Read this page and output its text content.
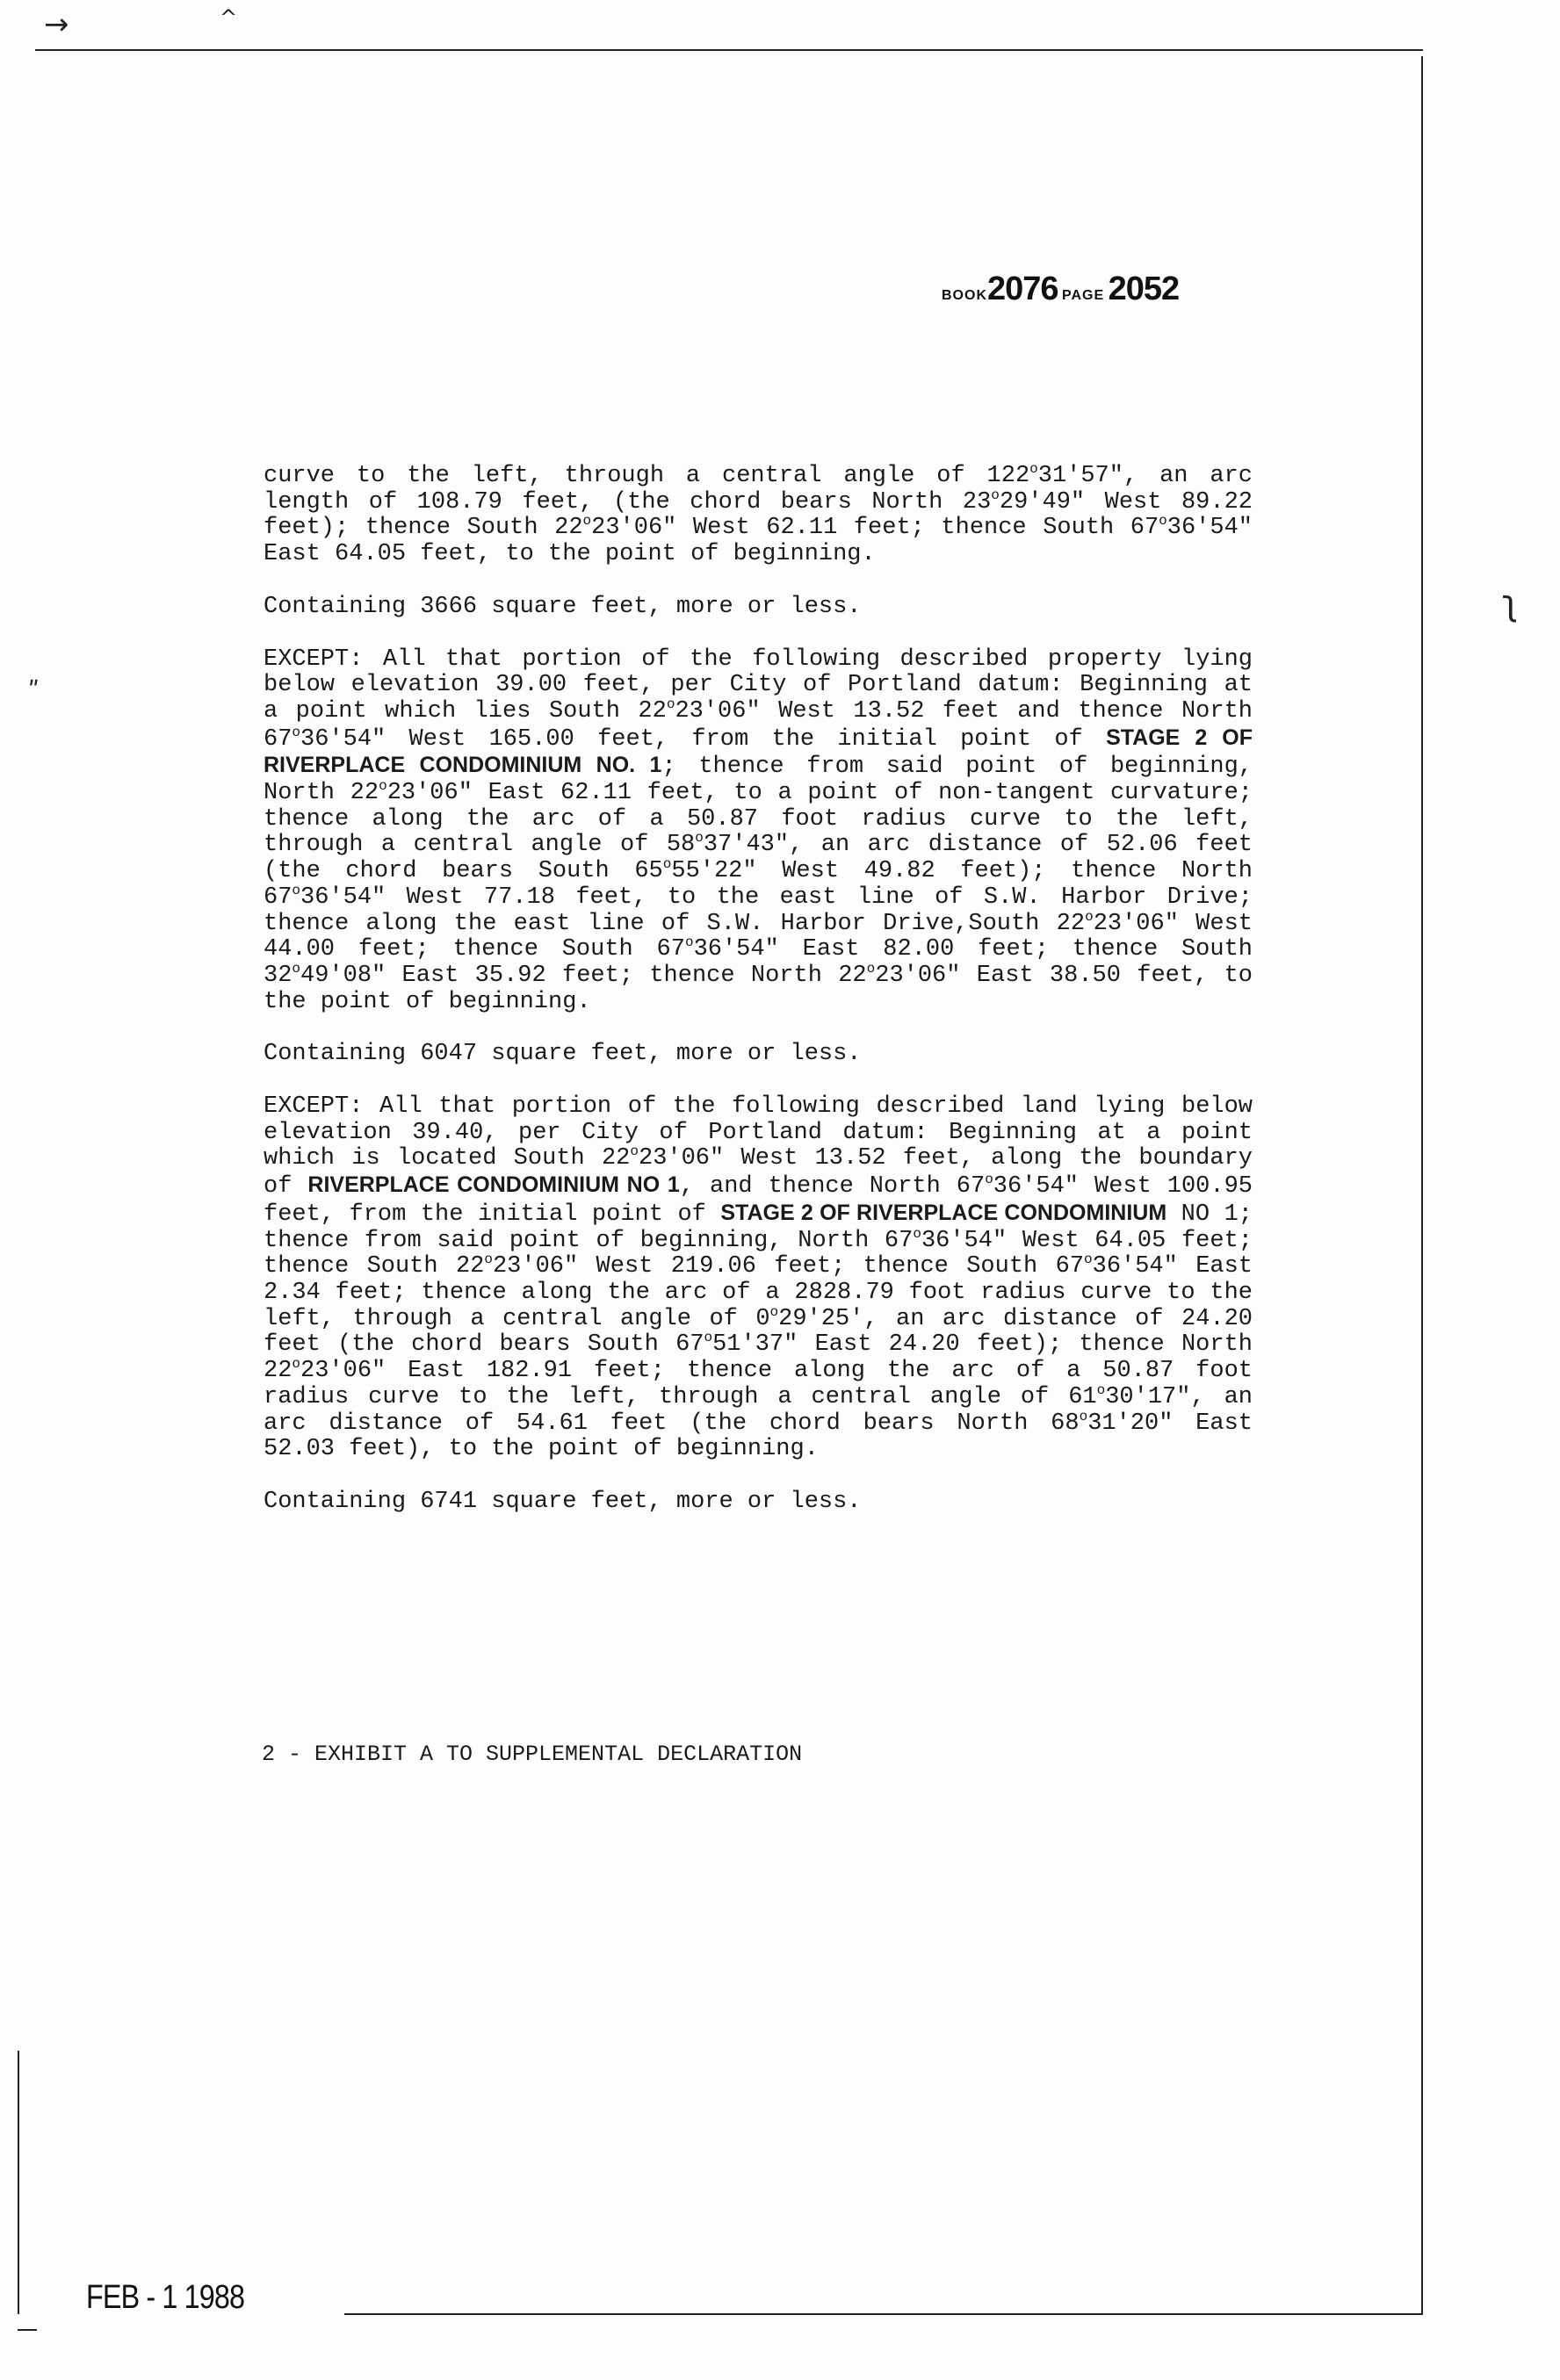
→	^
ʺ
ʅ
BOOK2076 PAGE 2052

curve to the left, through a central angle of 122$^o$31'57", an arc length of 108.79 feet, (the chord bears North 23$^o$29'49" West 89.22 feet); thence South 22$^o$23'06" West 62.11 feet; thence South 67$^o$36'54" East 64.05 feet, to the point of beginning.

Containing 3666 square feet, more or less.

EXCEPT: All that portion of the following described property lying below elevation 39.00 feet, per City of Portland datum: Beginning at a point which lies South 22$^o$23'06" West 13.52 feet and thence North 67$^o$36'54" West 165.00 feet, from the initial point of STAGE 2 OF RIVERPLACE CONDOMINIUM NO. 1; thence from said point of beginning, North 22$^o$23'06" East 62.11 feet, to a point of non-tangent curvature; thence along the arc of a 50.87 foot radius curve to the left, through a central angle of 58$^o$37'43", an arc distance of 52.06 feet (the chord bears South 65$^o$55'22" West 49.82 feet); thence North 67$^o$36'54" West 77.18 feet, to the east line of S.W. Harbor Drive; thence along the east line of S.W. Harbor Drive,South 22$^o$23'06" West 44.00 feet; thence South 67$^o$36'54" East 82.00 feet; thence South 32$^o$49'08" East 35.92 feet; thence North 22$^o$23'06" East 38.50 feet, to the point of beginning.

Containing 6047 square feet, more or less.

EXCEPT: All that portion of the following described land lying below elevation 39.40, per City of Portland datum: Beginning at a point which is located South 22$^o$23'06" West 13.52 feet, along the boundary of RIVERPLACE CONDOMINIUM NO 1, and thence North 67$^o$36'54" West 100.95 feet, from the initial point of STAGE 2 OF RIVERPLACE CONDOMINIUM NO 1; thence from said point of beginning, North 67$^o$36'54" West 64.05 feet; thence South 22$^o$23'06" West 219.06 feet; thence South 67$^o$36'54" East 2.34 feet; thence along the arc of a 2828.79 foot radius curve to the left, through a central angle of 0$^o$29'25', an arc distance of 24.20 feet (the chord bears South 67$^o$51'37" East 24.20 feet); thence North 22$^o$23'06" East 182.91 feet; thence along the arc of a 50.87 foot radius curve to the left, through a central angle of 61$^o$30'17", an arc distance of 54.61 feet (the chord bears North 68$^o$31'20" East 52.03 feet), to the point of beginning.

Containing 6741 square feet, more or less.

2 - EXHIBIT A TO SUPPLEMENTAL DECLARATION
FEB - 1 1988
